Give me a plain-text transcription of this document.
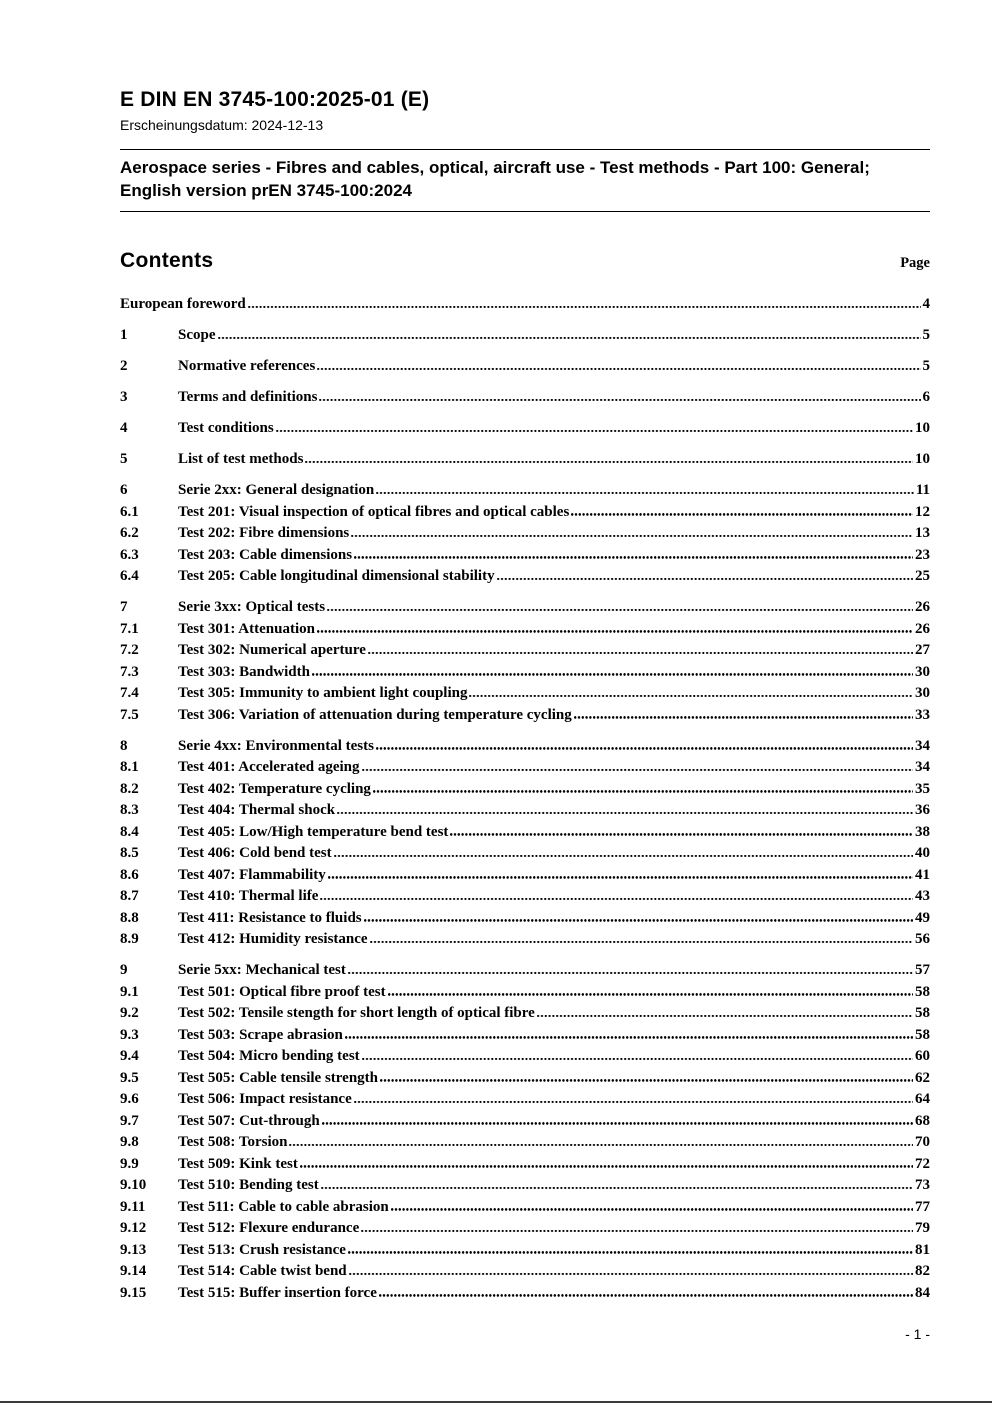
E DIN EN 3745-100:2025-01 (E)
Erscheinungsdatum: 2024-12-13
Aerospace series - Fibres and cables, optical, aircraft use - Test methods - Part 100: General; English version prEN 3745-100:2024
Contents	Page
European foreword	4
1	Scope	5
2	Normative references	5
3	Terms and definitions	6
4	Test conditions	10
5	List of test methods	10
6	Serie 2xx: General designation	11
6.1	Test 201: Visual inspection of optical fibres and optical cables	12
6.2	Test 202: Fibre dimensions	13
6.3	Test 203: Cable dimensions	23
6.4	Test 205: Cable longitudinal dimensional stability	25
7	Serie 3xx: Optical tests	26
7.1	Test 301: Attenuation	26
7.2	Test 302: Numerical aperture	27
7.3	Test 303: Bandwidth	30
7.4	Test 305: Immunity to ambient light coupling	30
7.5	Test 306: Variation of attenuation during temperature cycling	33
8	Serie 4xx: Environmental tests	34
8.1	Test 401: Accelerated ageing	34
8.2	Test 402: Temperature cycling	35
8.3	Test 404: Thermal shock	36
8.4	Test 405: Low/High temperature bend test	38
8.5	Test 406: Cold bend test	40
8.6	Test 407: Flammability	41
8.7	Test 410: Thermal life	43
8.8	Test 411: Resistance to fluids	49
8.9	Test 412: Humidity resistance	56
9	Serie 5xx: Mechanical test	57
9.1	Test 501: Optical fibre proof test	58
9.2	Test 502: Tensile stength for short length of optical fibre	58
9.3	Test 503: Scrape abrasion	58
9.4	Test 504: Micro bending test	60
9.5	Test 505: Cable tensile strength	62
9.6	Test 506: Impact resistance	64
9.7	Test 507: Cut-through	68
9.8	Test 508: Torsion	70
9.9	Test 509: Kink test	72
9.10	Test 510: Bending test	73
9.11	Test 511: Cable to cable abrasion	77
9.12	Test 512: Flexure endurance	79
9.13	Test 513: Crush resistance	81
9.14	Test 514: Cable twist bend	82
9.15	Test 515: Buffer insertion force	84
- 1 -
